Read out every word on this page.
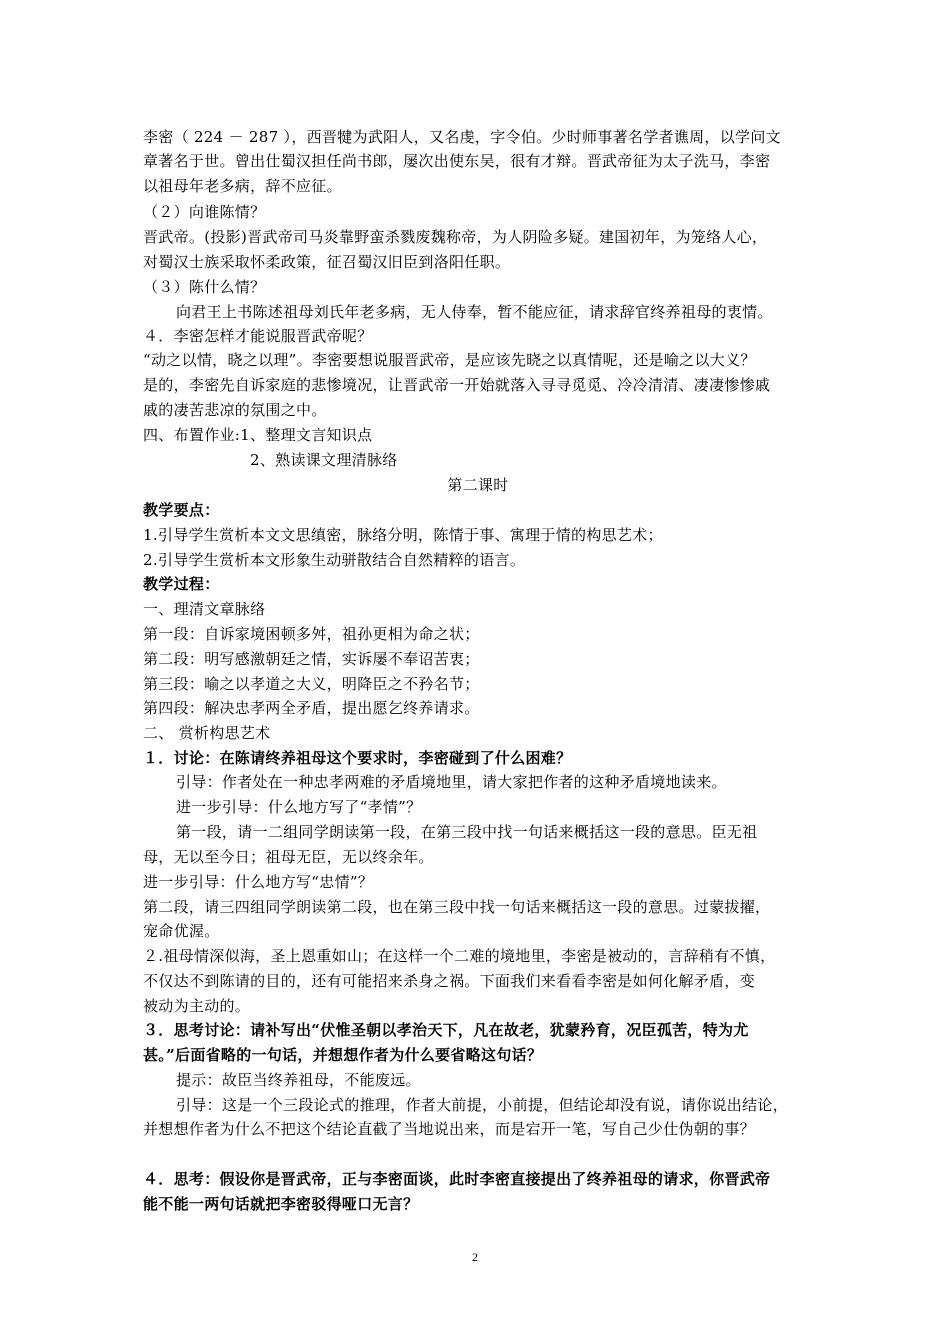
李密（ 224 － 287 ），西晋犍为武阳人，又名虔，字令伯。少时师事著名学者谯周，以学问文
章著名于世。曾出仕蜀汉担任尚书郎，屡次出使东吴，很有才辩。晋武帝征为太子洗马，李密
以祖母年老多病，辞不应征。
（２）向谁陈情？
晋武帝。(投影)晋武帝司马炎靠野蛮杀戮废魏称帝，为人阴险多疑。建国初年，为笼络人心，
对蜀汉士族采取怀柔政策，征召蜀汉旧臣到洛阳任职。
（３）陈什么情？
向君王上书陈述祖母刘氏年老多病，无人侍奉，暂不能应征，请求辞官终养祖母的衷情。
４．李密怎样才能说服晋武帝呢？
“动之以情，晓之以理”。李密要想说服晋武帝，是应该先晓之以真情呢，还是喻之以大义？
是的，李密先自诉家庭的悲惨境况，让晋武帝一开始就落入寻寻觅觅、冷冷清清、凄凄惨惨戚
戚的凄苦悲凉的氛围之中。
四、布置作业:1、整理文言知识点
2、熟读课文理清脉络
第二课时
教学要点：
1.引导学生赏析本文文思缜密，脉络分明，陈情于事、寓理于情的构思艺术；
2.引导学生赏析本文形象生动骈散结合自然精粹的语言。
教学过程：
一、理清文章脉络
第一段：自诉家境困顿多舛，祖孙更相为命之状；
第二段：明写感激朝廷之情，实诉屡不奉诏苦衷；
第三段：喻之以孝道之大义，明降臣之不矜名节；
第四段：解决忠孝两全矛盾，提出愿乞终养请求。
二、 赏析构思艺术
１．讨论：在陈请终养祖母这个要求时，李密碰到了什么困难？
引导：作者处在一种忠孝两难的矛盾境地里，请大家把作者的这种矛盾境地读来。
进一步引导：什么地方写了“孝情”？
第一段，请一二组同学朗读第一段，在第三段中找一句话来概括这一段的意思。臣无祖
母，无以至今日；祖母无臣，无以终余年。
进一步引导：什么地方写“忠情”？
第二段，请三四组同学朗读第二段，也在第三段中找一句话来概括这一段的意思。过蒙拔擢，
宠命优渥。
２.祖母情深似海，圣上恩重如山；在这样一个二难的境地里，李密是被动的，言辞稍有不慎，
不仅达不到陈请的目的，还有可能招来杀身之祸。下面我们来看看李密是如何化解矛盾，变
被动为主动的。
３．思考讨论：请补写出“伏惟圣朝以孝治天下，凡在故老，犹蒙矜育，况臣孤苦，特为尤
甚。”后面省略的一句话，并想想作者为什么要省略这句话？
提示：故臣当终养祖母，不能废远。
引导：这是一个三段论式的推理，作者大前提，小前提，但结论却没有说，请你说出结论，
并想想作者为什么不把这个结论直截了当地说出来，而是宕开一笔，写自己少仕伪朝的事？
４．思考：假设你是晋武帝，正与李密面谈，此时李密直接提出了终养祖母的请求，你晋武帝
能不能一两句话就把李密驳得哑口无言？
2
